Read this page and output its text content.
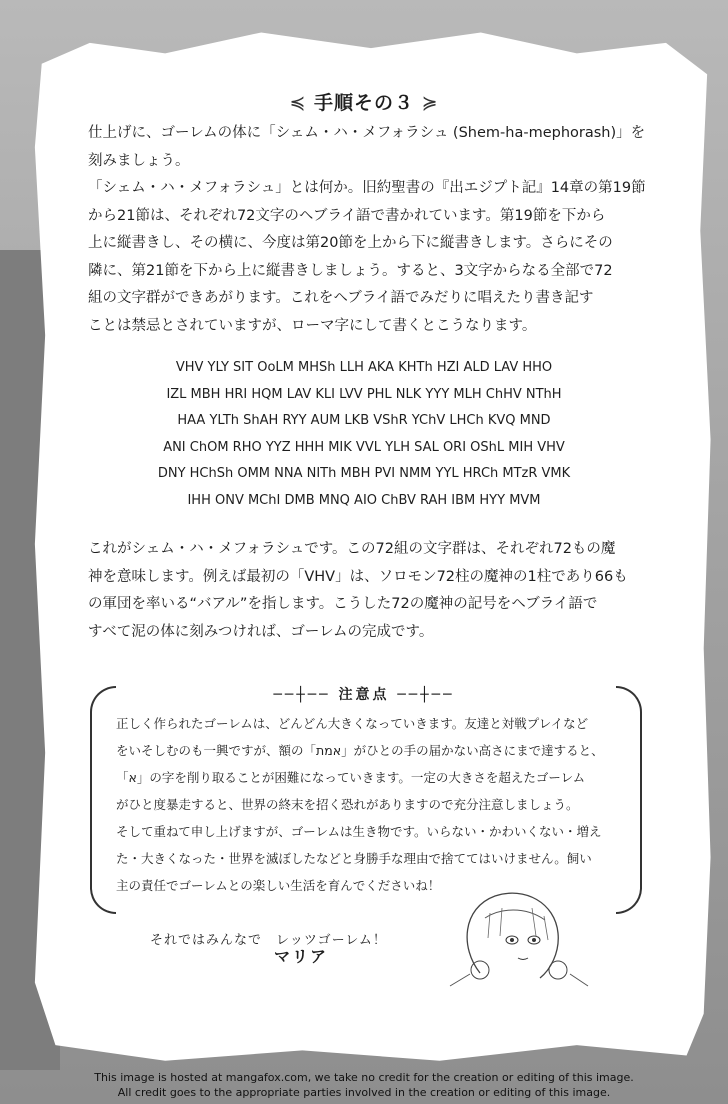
≼ 手順その３ ≽
仕上げに、ゴーレムの体に「シェム・ハ・メフォラシュ (Shem-ha-mephorash)」を
刻みましょう。
「シェム・ハ・メフォラシュ」とは何か。旧約聖書の『出エジプト記』14章の第19節
から21節は、それぞれ72文字のヘブライ語で書かれています。第19節を下から
上に縦書きし、その横に、今度は第20節を上から下に縦書きします。さらにその
隣に、第21節を下から上に縦書きしましょう。すると、3文字からなる全部で72
組の文字群ができあがります。これをヘブライ語でみだりに唱えたり書き記す
ことは禁忌とされていますが、ローマ字にして書くとこうなります。
VHV YLY SIT OoLM MHSh LLH AKA KHTh HZI ALD LAV HHO
IZL MBH HRI HQM LAV KLI LVV PHL NLK YYY MLH ChHV NThH
HAA YLTh ShAH RYY AUM LKB VShR YChV LHCh KVQ MND
ANI ChOM RHO YYZ HHH MIK VVL YLH SAL ORI OShL MIH VHV
DNY HChSh OMM NNA NITh MBH PVI NMM YYL HRCh MTzR VMK
IHH ONV MChI DMB MNQ AIO ChBV RAH IBM HYY MVM
これがシェム・ハ・メフォラシュです。この72組の文字群は、それぞれ72もの魔
神を意味します。例えば最初の「VHV」は、ソロモン72柱の魔神の1柱であり66も
の軍団を率いる“バアル”を指します。こうした72の魔神の記号をヘブライ語で
すべて泥の体に刻みつければ、ゴーレムの完成です。
──┼── 注意点 ──┼──
正しく作られたゴーレムは、どんどん大きくなっていきます。友達と対戦プレイなど
をいそしむのも一興ですが、額の「אמת」がひとの手の届かない高さにまで達すると、
「א」の字を削り取ることが困難になっていきます。一定の大きさを超えたゴーレム
がひと度暴走すると、世界の終末を招く恐れがありますので充分注意しましょう。
そして重ねて申し上げますが、ゴーレムは生き物です。いらない・かわいくない・増え
た・大きくなった・世界を滅ぼしたなどと身勝手な理由で捨ててはいけません。飼い
主の責任でゴーレムとの楽しい生活を育んでくださいね！
それではみんなで　レッツゴーレム！
マリア
This image is hosted at mangafox.com, we take no credit for the creation or editing of this image.
All credit goes to the appropriate parties involved in the creation or editing of this image.
